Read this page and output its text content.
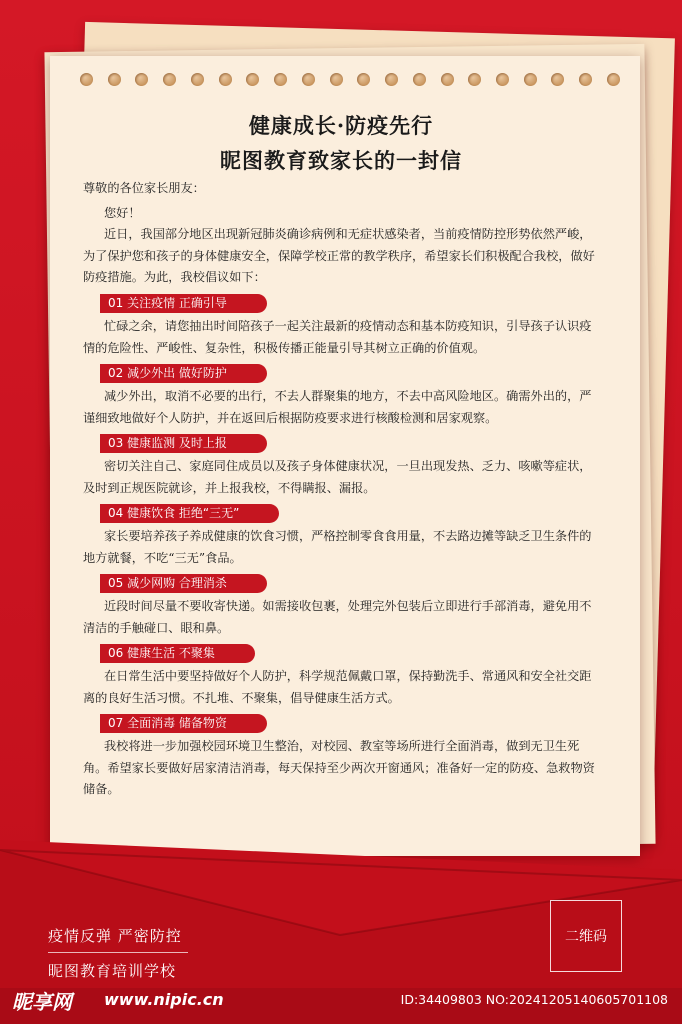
健康成长·防疫先行
昵图教育致家长的一封信
尊敬的各位家长朋友：
您好！
近日，我国部分地区出现新冠肺炎确诊病例和无症状感染者，当前疫情防控形势依然严峻，为了保护您和孩子的身体健康安全，保障学校正常的教学秩序，希望家长们积极配合我校，做好防疫措施。为此，我校倡议如下：
01 关注疫情 正确引导
忙碌之余，请您抽出时间陪孩子一起关注最新的疫情动态和基本防疫知识，引导孩子认识疫情的危险性、严峻性、复杂性，积极传播正能量引导其树立正确的价值观。
02 减少外出 做好防护
减少外出，取消不必要的出行，不去人群聚集的地方，不去中高风险地区。确需外出的，严谨细致地做好个人防护，并在返回后根据防疫要求进行核酸检测和居家观察。
03 健康监测 及时上报
密切关注自己、家庭同住成员以及孩子身体健康状况，一旦出现发热、乏力、咳嗽等症状，及时到正规医院就诊，并上报我校，不得瞒报、漏报。
04 健康饮食 拒绝“三无”
家长要培养孩子养成健康的饮食习惯，严格控制零食食用量，不去路边摊等缺乏卫生条件的地方就餐，不吃“三无”食品。
05 减少网购 合理消杀
近段时间尽量不要收寄快递。如需接收包裹，处理完外包装后立即进行手部消毒，避免用不清洁的手触碰口、眼和鼻。
06 健康生活 不聚集
在日常生活中要坚持做好个人防护，科学规范佩戴口罩，保持勤洗手、常通风和安全社交距离的良好生活习惯。不扎堆、不聚集，倡导健康生活方式。
07 全面消毒 储备物资
我校将进一步加强校园环境卫生整治，对校园、教室等场所进行全面消毒，做到无卫生死角。希望家长要做好居家清洁消毒，每天保持至少两次开窗通风；准备好一定的防疫、急救物资储备。
疫情反弹 严密防控
昵图教育培训学校
二维码
昵享网 www.nipic.cn	ID:34409803 NO:20241205140605701108
